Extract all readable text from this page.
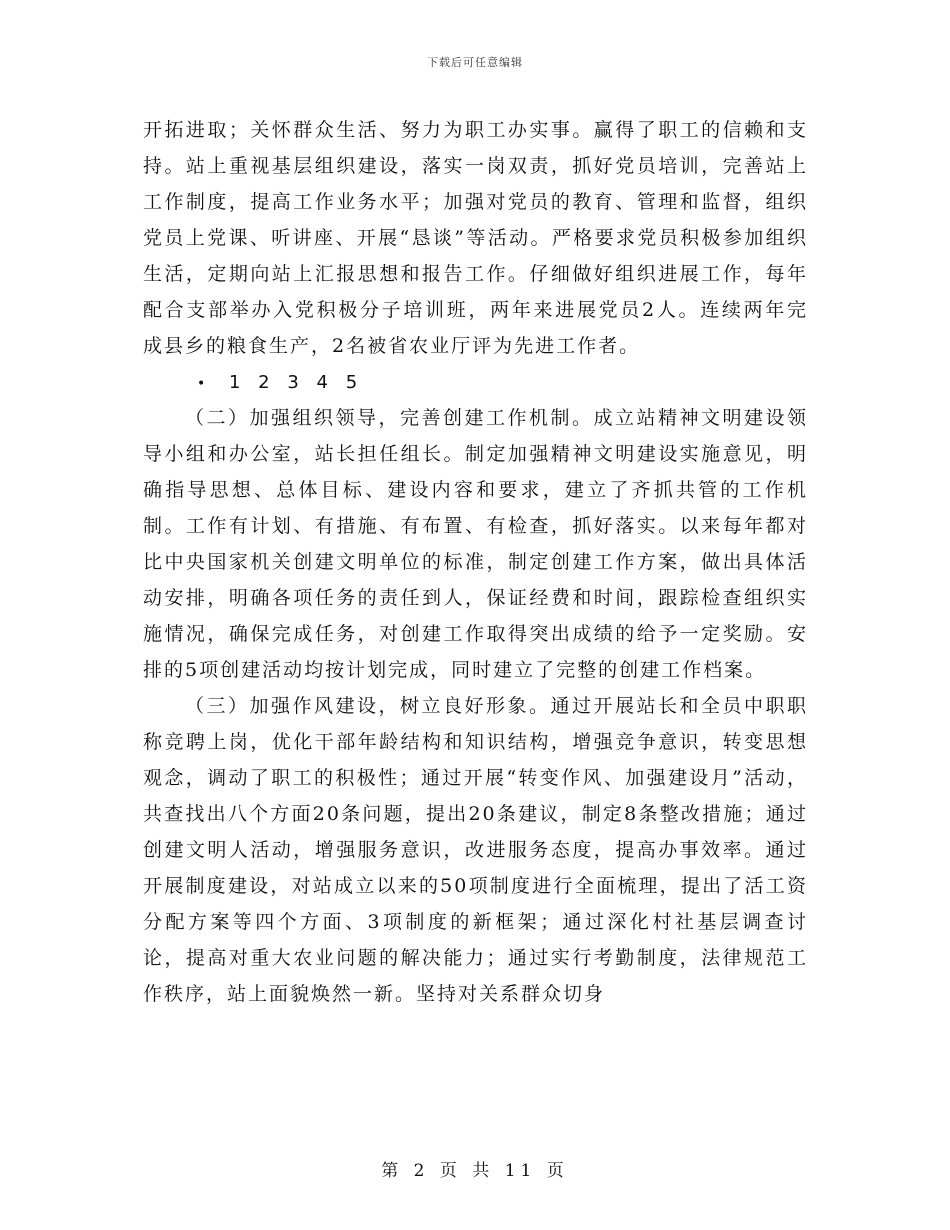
下载后可任意编辑

开拓进取；关怀群众生活、努力为职工办实事。赢得了职工的信赖和支持。站上重视基层组织建设，落实一岗双责，抓好党员培训，完善站上工作制度，提高工作业务水平；加强对党员的教育、管理和监督，组织党员上党课、听讲座、开展“恳谈”等活动。严格要求党员积极参加组织生活，定期向站上汇报思想和报告工作。仔细做好组织进展工作，每年配合支部举办入党积极分子培训班，两年来进展党员2人。连续两年完成县乡的粮食生产，2名被省农业厅评为先进工作者。

• 1 2 3 4 5

（二）加强组织领导，完善创建工作机制。成立站精神文明建设领导小组和办公室，站长担任组长。制定加强精神文明建设实施意见，明确指导思想、总体目标、建设内容和要求，建立了齐抓共管的工作机制。工作有计划、有措施、有布置、有检查，抓好落实。以来每年都对比中央国家机关创建文明单位的标准，制定创建工作方案，做出具体活动安排，明确各项任务的责任到人，保证经费和时间，跟踪检查组织实施情况，确保完成任务，对创建工作取得突出成绩的给予一定奖励。安排的5项创建活动均按计划完成，同时建立了完整的创建工作档案。

（三）加强作风建设，树立良好形象。通过开展站长和全员中职职称竞聘上岗，优化干部年龄结构和知识结构，增强竞争意识，转变思想观念，调动了职工的积极性；通过开展“转变作风、加强建设月”活动，共查找出八个方面20条问题，提出20条建议，制定8条整改措施；通过创建文明人活动，增强服务意识，改进服务态度，提高办事效率。通过开展制度建设，对站成立以来的50项制度进行全面梳理，提出了活工资分配方案等四个方面、3项制度的新框架；通过深化村社基层调查讨论，提高对重大农业问题的解决能力；通过实行考勤制度，法律规范工作秩序，站上面貌焕然一新。坚持对关系群众切身

第 2 页 共 11 页
